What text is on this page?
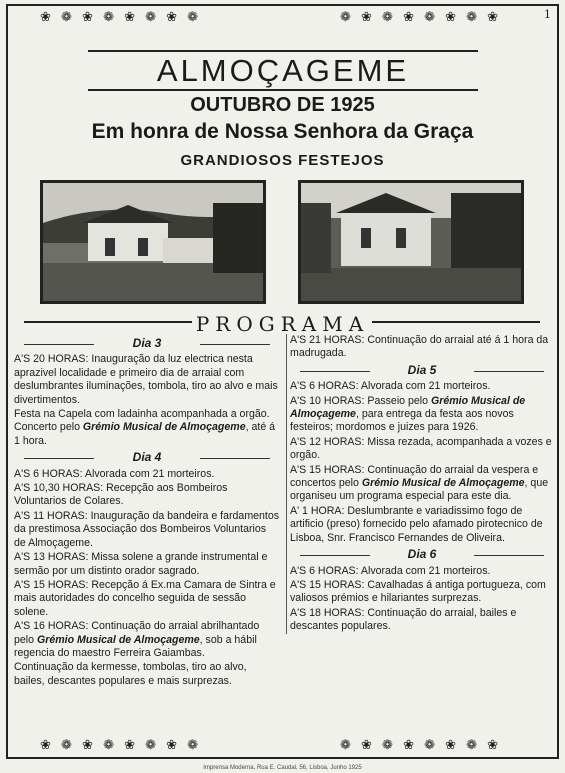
❀ ❁ ❀ ❁ ❀ ❁ ❀ ❁	❁ ❀ ❁ ❀ ❁ ❀ ❁ ❀
❀ ❁ ❀ ❁ ❀ ❁ ❀ ❁	❁ ❀ ❁ ❀ ❁ ❀ ❁ ❀
1
ALMOÇAGEME
OUTUBRO DE 1925
Em honra de Nossa Senhora da Graça
GRANDIOSOS FESTEJOS
PROGRAMA
Dia 3

A'S 20 HORAS: Inauguração da luz electrica nesta aprazivel localidade e primeiro dia de arraial com deslumbrantes iluminações, tombola, tiro ao alvo e mais divertimentos.

Festa na Capela com ladainha acompanhada a orgão. Concerto pelo Grémio Musical de Almoçageme, até á 1 hora.

Dia 4

A'S 6 HORAS: Alvorada com 21 morteiros.

A'S 10,30 HORAS: Recepção aos Bombeiros Voluntarios de Colares.

A'S 11 HORAS: Inauguração da bandeira e fardamentos da prestimosa Associação dos Bombeiros Voluntarios de Almoçageme.

A'S 13 HORAS: Missa solene a grande instrumental e sermão por um distinto orador sagrado.

A'S 15 HORAS: Recepção á Ex.ma Camara de Sintra e mais autoridades do concelho seguida de sessão solene.

A'S 16 HORAS: Continuação do arraial abrilhantado pelo Grémio Musical de Almoçageme, sob a hábil regencia do maestro Ferreira Gaiambas.

Continuação da kermesse, tombolas, tiro ao alvo, bailes, descantes populares e mais surprezas.

A'S 21 HORAS: Continuação do arraial até á 1 hora da madrugada.

Dia 5

A'S 6 HORAS: Alvorada com 21 morteiros.

A'S 10 HORAS: Passeio pelo Grémio Musical de Almoçageme, para entrega da festa aos novos festeiros; mordomos e juizes para 1926.

A'S 12 HORAS: Missa rezada, acompanhada a vozes e orgão.

A'S 15 HORAS: Continuação do arraial da vespera e concertos pelo Grémio Musical de Almoçageme, que organiseu um programa especial para este dia.

A' 1 HORA: Deslumbrante e variadissimo fogo de artificio (preso) fornecido pelo afamado pirotecnico de Lisboa, Snr. Francisco Fernandes de Oliveira.

Dia 6

A'S 6 HORAS: Alvorada com 21 morteiros.

A'S 15 HORAS: Cavalhadas á antiga portugueza, com valiosos prémios e hilariantes surprezas.

A'S 18 HORAS: Continuação do arraial, bailes e descantes populares.

Imprensa Moderna, Rua E. Caudal, 56, Lisboa, Junho 1925
